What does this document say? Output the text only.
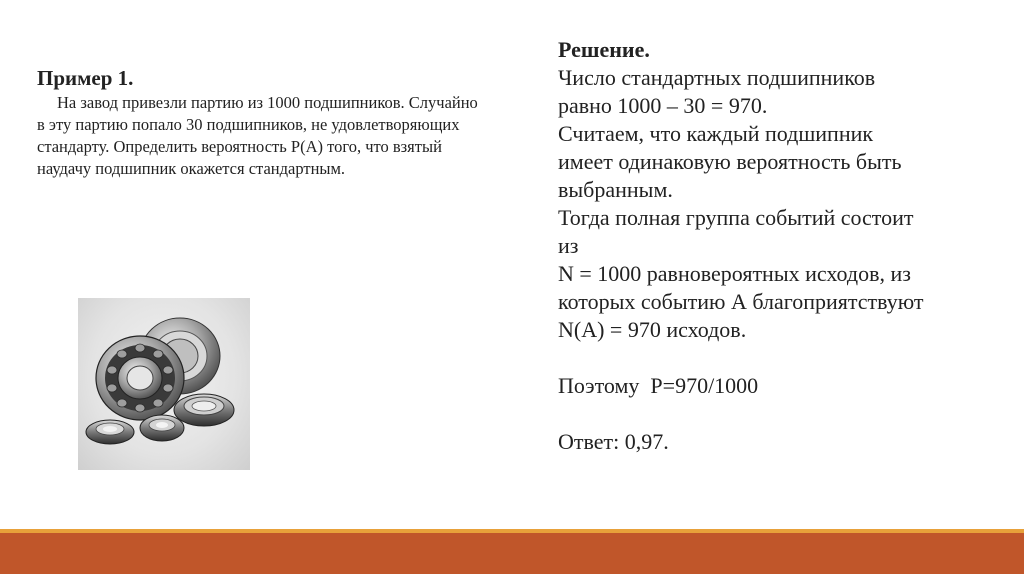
Пример 1.
На завод привезли партию из 1000 подшипников. Случайно
в эту партию попало 30 подшипников, не удовлетворяющих
стандарту. Определить вероятность Р(А) того, что взятый
наудачу подшипник окажется стандартным.
Решение.
Число стандартных подшипников
равно 1000 – 30 = 970.
Считаем, что каждый подшипник
имеет одинаковую вероятность быть
выбранным.
Тогда полная группа событий состоит
из
N = 1000 равновероятных исходов, из
которых событию А благоприятствуют
N(A) = 970 исходов.
Поэтому  Р=970/1000
Ответ: 0,97.
